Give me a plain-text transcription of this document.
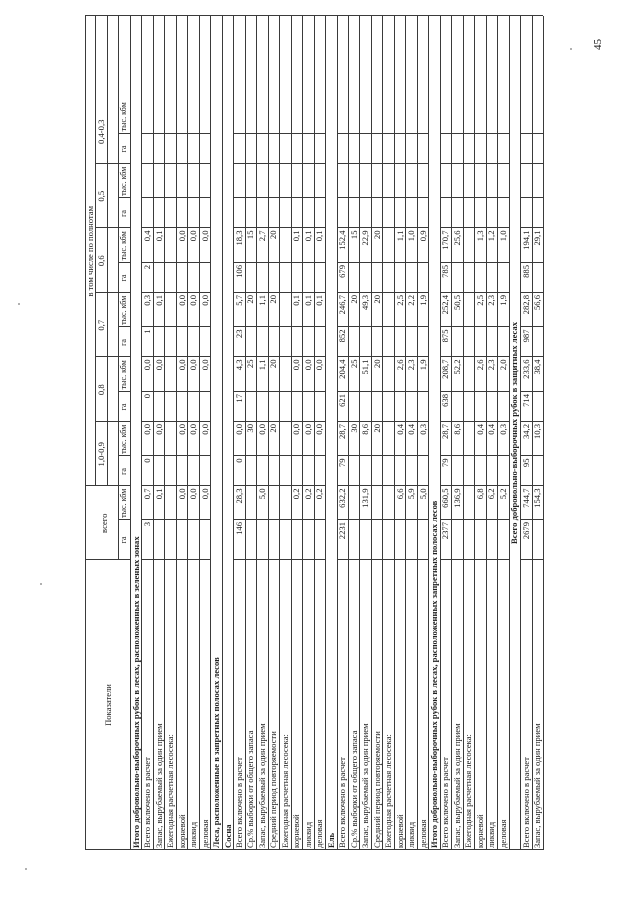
45
Показатели
всего
в том числе по полнотам
1,0-0,9
0,8
0,7
0,6
0,5
0,4-0,3
га
тыс. кбм
га
тыс. кбм
га
тыс. кбм
га
тыс. кбм
га
тыс. кбм
га
тыс. кбм
га
тыс. кбм
Итого добровольно-выборочных рубок в лесах, расположенных в зеленых зонах Всего включено в расчет
3
0,7
0
0,0
0
0,0
1
0,3
2
0,4
Запас, вырубаемый за один прием
0,1
0,0
0,0
0,1
0,1
Ежегодная расчетная лесосека: корневой
0,0
0,0
0,0
0,0
0,0
ликвид
0,0
0,0
0,0
0,0
0,0
деловая
0,0
0,0
0,0
0,0
0,0
Леса, расположенные в запретных полосах лесов Сосна Всего включено в расчет
146
28,3
0
0,0
17
4,3
23
5,7
106
18,3
Ср.% выборки от общего запаса
30
25
20
15
Запас, вырубаемый за один прием
5,0
0,0
1,1
1,1
2,7
Средний период повторяемости
20
20
20
20
Ежегодная расчетная лесосека: корневой
0,2
0,0
0,0
0,1
0,1
ликвид
0,2
0,0
0,0
0,1
0,1
деловая
0,2
0,0
0,0
0,1
0,1
Ель Всего включено в расчет
2231
632,2
79
28,7
621
204,4
852
246,7
679
152,4
Ср.% выборки от общего запаса
30
25
20
15
Запас, вырубаемый за один прием
131,9
8,6
51,1
49,3
22,9
Средний период повторяемости
20
20
20
20
Ежегодная расчетная лесосека: корневой
6,6
0,4
2,6
2,5
1,1
ликвид
5,9
0,4
2,3
2,2
1,0
деловая
5,0
0,3
1,9
1,9
0,9
Итого добровольно-выборочных рубок в лесах, расположенных запретных полосах лесов Всего включено в расчет
2377
660,5
79
28,7
638
208,7
875
252,4
785
170,7
Запас, вырубаемый за один прием
136,9
8,6
52,2
50,5
25,6
Ежегодная расчетная лесосека: корневой
6,8
0,4
2,6
2,5
1,3
ликвид
6,2
0,4
2,3
2,3
1,2
деловая
5,2
0,3
2,0
1,9
1,0
Всего добровольно-выборочных рубок в защитных лесах
Всего включено в расчет
2679
744,7
95
34,2
714
233,6
987
282,8
885
194,1
Запас, вырубаемый за один прием
154,3
10,3
38,4
56,6
29,1
